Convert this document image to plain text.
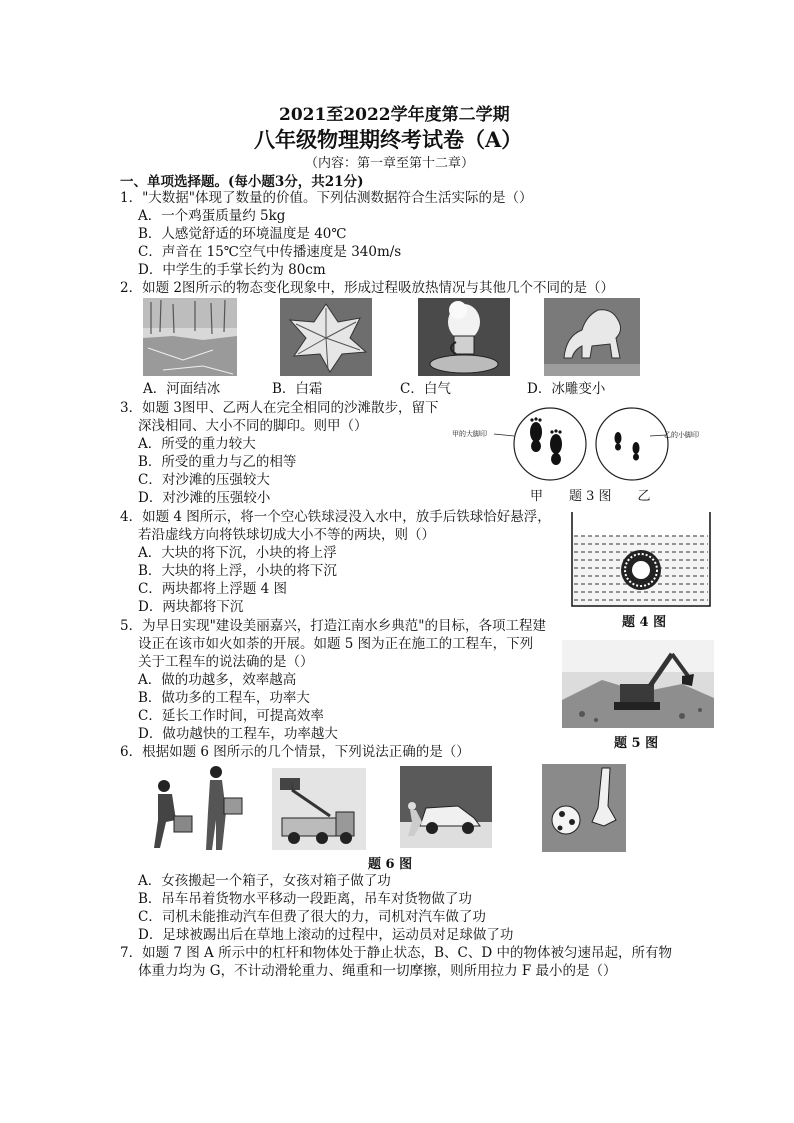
2021至2022学年度第二学期
八年级物理期终考试卷（A）
（内容：第一章至第十二章）
一、单项选择题。(每小题3分，共21分)
1．"大数据"体现了数量的价值。下列估测数据符合生活实际的是（）
A．一个鸡蛋质量约 5kg
B．人感觉舒适的环境温度是 40℃
C．声音在 15℃空气中传播速度是 340m/s
D．中学生的手掌长约为 80cm
2．如题 2图所示的物态变化现象中，形成过程吸放热情况与其他几个不同的是（）
A．河面结冰	B．白霜	C．白气	D．冰雕变小
3．如题 3图甲、乙两人在完全相同的沙滩散步，留下
深浅相同、大小不同的脚印。则甲（）
A．所受的重力较大
B．所受的重力与乙的相等
C．对沙滩的压强较大
D．对沙滩的压强较小
甲的大脚印	乙的小脚印
甲　　题 3 图　　乙
4．如题 4 图所示，将一个空心铁球浸没入水中，放手后铁球恰好悬浮，
若沿虚线方向将铁球切成大小不等的两块，则（）
A．大块的将下沉，小块的将上浮
B．大块的将上浮，小块的将下沉
C．两块都将上浮题 4 图
D．两块都将下沉
题 4 图
5．为早日实现"建设美丽嘉兴，打造江南水乡典范"的目标，各项工程建
设正在该市如火如荼的开展。如题 5 图为正在施工的工程车，下列
关于工程车的说法确的是（）
A．做的功越多，效率越高
B．做功多的工程车，功率大
C．延长工作时间，可提高效率
D．做功越快的工程车，功率越大
题 5 图
6．根据如题 6 图所示的几个情景，下列说法正确的是（）
题 6 图
A．女孩搬起一个箱子，女孩对箱子做了功
B．吊车吊着货物水平移动一段距离，吊车对货物做了功
C．司机未能推动汽车但费了很大的力，司机对汽车做了功
D．足球被踢出后在草地上滚动的过程中，运动员对足球做了功
7．如题 7 图 A 所示中的杠杆和物体处于静止状态，B、C、D 中的物体被匀速吊起，所有物
体重力均为 G，不计动滑轮重力、绳重和一切摩擦，则所用拉力 F 最小的是（）
